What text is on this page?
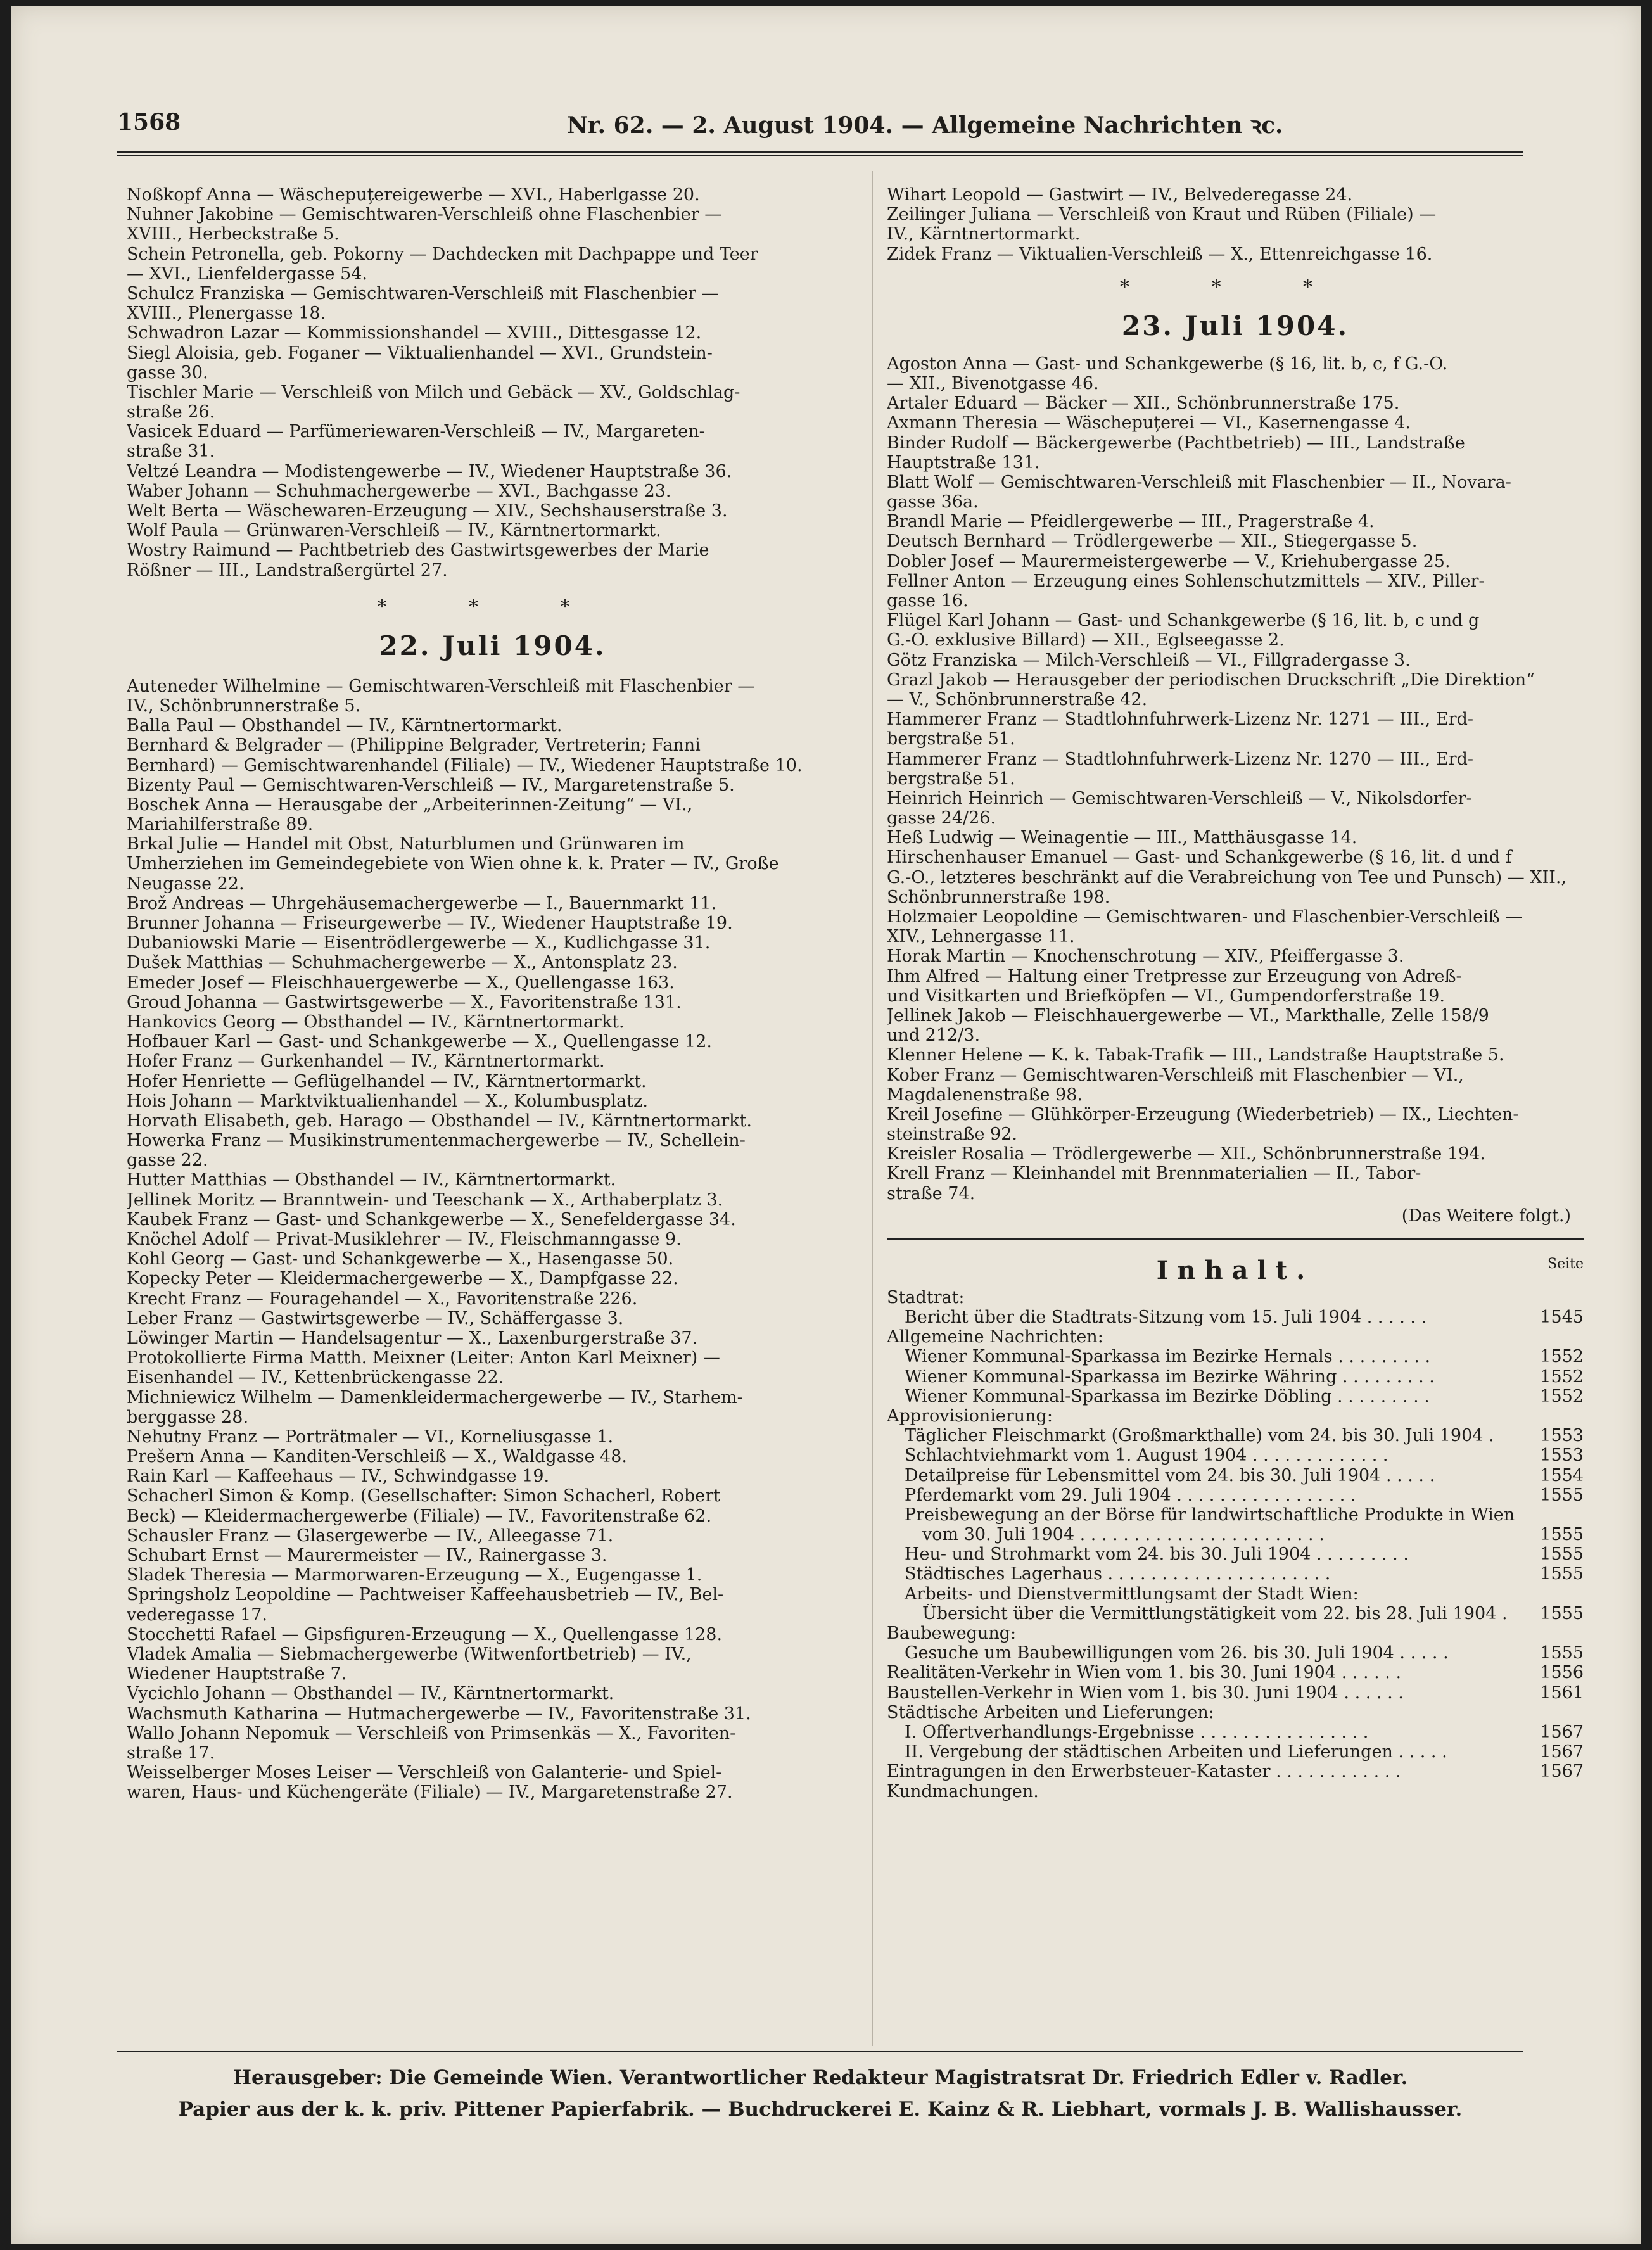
1568	Nr. 62. — 2. August 1904. — Allgemeine Nachrichten ꝛc.
Noßkopf Anna — Wäschepuțereigewerbe — XVI., Haberlgasse 20.
Nuhner Jakobine — Gemischtwaren-Verschleiß ohne Flaschenbier —
XVIII., Herbeckstraße 5.
Schein Petronella, geb. Pokorny — Dachdecken mit Dachpappe und Teer
— XVI., Lienfeldergasse 54.
Schulcz Franziska — Gemischtwaren-Verschleiß mit Flaschenbier —
XVIII., Plenergasse 18.
Schwadron Lazar — Kommissionshandel — XVIII., Dittesgasse 12.
Siegl Aloisia, geb. Foganer — Viktualienhandel — XVI., Grundstein-
gasse 30.
Tischler Marie — Verschleiß von Milch und Gebäck — XV., Goldschlag-
straße 26.
Vasicek Eduard — Parfümeriewaren-Verschleiß — IV., Margareten-
straße 31.
Veltzé Leandra — Modistengewerbe — IV., Wiedener Hauptstraße 36.
Waber Johann — Schuhmachergewerbe — XVI., Bachgasse 23.
Welt Berta — Wäschewaren-Erzeugung — XIV., Sechshauserstraße 3.
Wolf Paula — Grünwaren-Verschleiß — IV., Kärntnertormarkt.
Wostry Raimund — Pachtbetrieb des Gastwirtsgewerbes der Marie
Rößner — III., Landstraßergürtel 27.
* * *
22. Juli 1904.
Auteneder Wilhelmine — Gemischtwaren-Verschleiß mit Flaschenbier —
IV., Schönbrunnerstraße 5.
Balla Paul — Obsthandel — IV., Kärntnertormarkt.
Bernhard & Belgrader — (Philippine Belgrader, Vertreterin; Fanni
Bernhard) — Gemischtwarenhandel (Filiale) — IV., Wiedener Hauptstraße 10.
Bizenty Paul — Gemischtwaren-Verschleiß — IV., Margaretenstraße 5.
Boschek Anna — Herausgabe der „Arbeiterinnen-Zeitung“ — VI.,
Mariahilferstraße 89.
Brkal Julie — Handel mit Obst, Naturblumen und Grünwaren im
Umherziehen im Gemeindegebiete von Wien ohne k. k. Prater — IV., Große
Neugasse 22.
Brož Andreas — Uhrgehäusemachergewerbe — I., Bauernmarkt 11.
Brunner Johanna — Friseurgewerbe — IV., Wiedener Hauptstraße 19.
Dubaniowski Marie — Eisentrödlergewerbe — X., Kudlichgasse 31.
Dušek Matthias — Schuhmachergewerbe — X., Antonsplatz 23.
Emeder Josef — Fleischhauergewerbe — X., Quellengasse 163.
Groud Johanna — Gastwirtsgewerbe — X., Favoritenstraße 131.
Hankovics Georg — Obsthandel — IV., Kärntnertormarkt.
Hofbauer Karl — Gast- und Schankgewerbe — X., Quellengasse 12.
Hofer Franz — Gurkenhandel — IV., Kärntnertormarkt.
Hofer Henriette — Geflügelhandel — IV., Kärntnertormarkt.
Hois Johann — Marktviktualienhandel — X., Kolumbusplatz.
Horvath Elisabeth, geb. Harago — Obsthandel — IV., Kärntnertormarkt.
Howerka Franz — Musikinstrumentenmachergewerbe — IV., Schellein-
gasse 22.
Hutter Matthias — Obsthandel — IV., Kärntnertormarkt.
Jellinek Moritz — Branntwein- und Teeschank — X., Arthaberplatz 3.
Kaubek Franz — Gast- und Schankgewerbe — X., Senefeldergasse 34.
Knöchel Adolf — Privat-Musiklehrer — IV., Fleischmanngasse 9.
Kohl Georg — Gast- und Schankgewerbe — X., Hasengasse 50.
Kopecky Peter — Kleidermachergewerbe — X., Dampfgasse 22.
Krecht Franz — Fouragehandel — X., Favoritenstraße 226.
Leber Franz — Gastwirtsgewerbe — IV., Schäffergasse 3.
Löwinger Martin — Handelsagentur — X., Laxenburgerstraße 37.
Protokollierte Firma Matth. Meixner (Leiter: Anton Karl Meixner) —
Eisenhandel — IV., Kettenbrückengasse 22.
Michniewicz Wilhelm — Damenkleidermachergewerbe — IV., Starhem-
berggasse 28.
Nehutny Franz — Porträtmaler — VI., Korneliusgasse 1.
Prešern Anna — Kanditen-Verschleiß — X., Waldgasse 48.
Rain Karl — Kaffeehaus — IV., Schwindgasse 19.
Schacherl Simon & Komp. (Gesellschafter: Simon Schacherl, Robert
Beck) — Kleidermachergewerbe (Filiale) — IV., Favoritenstraße 62.
Schausler Franz — Glasergewerbe — IV., Alleegasse 71.
Schubart Ernst — Maurermeister — IV., Rainergasse 3.
Sladek Theresia — Marmorwaren-Erzeugung — X., Eugengasse 1.
Springsholz Leopoldine — Pachtweiser Kaffeehausbetrieb — IV., Bel-
vederegasse 17.
Stocchetti Rafael — Gipsfiguren-Erzeugung — X., Quellengasse 128.
Vladek Amalia — Siebmachergewerbe (Witwenfortbetrieb) — IV.,
Wiedener Hauptstraße 7.
Vycichlo Johann — Obsthandel — IV., Kärntnertormarkt.
Wachsmuth Katharina — Hutmachergewerbe — IV., Favoritenstraße 31.
Wallo Johann Nepomuk — Verschleiß von Primsenkäs — X., Favoriten-
straße 17.
Weisselberger Moses Leiser — Verschleiß von Galanterie- und Spiel-
waren, Haus- und Küchengeräte (Filiale) — IV., Margaretenstraße 27.
Wihart Leopold — Gastwirt — IV., Belvederegasse 24.
Zeilinger Juliana — Verschleiß von Kraut und Rüben (Filiale) —
IV., Kärntnertormarkt.
Zidek Franz — Viktualien-Verschleiß — X., Ettenreichgasse 16.
* * *
23. Juli 1904.
Agoston Anna — Gast- und Schankgewerbe (§ 16, lit. b, c, f G.-O.
— XII., Bivenotgasse 46.
Artaler Eduard — Bäcker — XII., Schönbrunnerstraße 175.
Axmann Theresia — Wäschepuțerei — VI., Kasernengasse 4.
Binder Rudolf — Bäckergewerbe (Pachtbetrieb) — III., Landstraße
Hauptstraße 131.
Blatt Wolf — Gemischtwaren-Verschleiß mit Flaschenbier — II., Novara-
gasse 36a.
Brandl Marie — Pfeidlergewerbe — III., Pragerstraße 4.
Deutsch Bernhard — Trödlergewerbe — XII., Stiegergasse 5.
Dobler Josef — Maurermeistergewerbe — V., Kriehubergasse 25.
Fellner Anton — Erzeugung eines Sohlenschutzmittels — XIV., Piller-
gasse 16.
Flügel Karl Johann — Gast- und Schankgewerbe (§ 16, lit. b, c und g
G.-O. exklusive Billard) — XII., Eglseegasse 2.
Götz Franziska — Milch-Verschleiß — VI., Fillgradergasse 3.
Grazl Jakob — Herausgeber der periodischen Druckschrift „Die Direktion“
— V., Schönbrunnerstraße 42.
Hammerer Franz — Stadtlohnfuhrwerk-Lizenz Nr. 1271 — III., Erd-
bergstraße 51.
Hammerer Franz — Stadtlohnfuhrwerk-Lizenz Nr. 1270 — III., Erd-
bergstraße 51.
Heinrich Heinrich — Gemischtwaren-Verschleiß — V., Nikolsdorfer-
gasse 24/26.
Heß Ludwig — Weinagentie — III., Matthäusgasse 14.
Hirschenhauser Emanuel — Gast- und Schankgewerbe (§ 16, lit. d und f
G.-O., letzteres beschränkt auf die Verabreichung von Tee und Punsch) — XII.,
Schönbrunnerstraße 198.
Holzmaier Leopoldine — Gemischtwaren- und Flaschenbier-Verschleiß —
XIV., Lehnergasse 11.
Horak Martin — Knochenschrotung — XIV., Pfeiffergasse 3.
Ihm Alfred — Haltung einer Tretpresse zur Erzeugung von Adreß-
und Visitkarten und Briefköpfen — VI., Gumpendorferstraße 19.
Jellinek Jakob — Fleischhauergewerbe — VI., Markthalle, Zelle 158/9
und 212/3.
Klenner Helene — K. k. Tabak-Trafik — III., Landstraße Hauptstraße 5.
Kober Franz — Gemischtwaren-Verschleiß mit Flaschenbier — VI.,
Magdalenenstraße 98.
Kreil Josefine — Glühkörper-Erzeugung (Wiederbetrieb) — IX., Liechten-
steinstraße 92.
Kreisler Rosalia — Trödlergewerbe — XII., Schönbrunnerstraße 194.
Krell Franz — Kleinhandel mit Brennmaterialien — II., Tabor-
straße 74.
(Das Weitere folgt.)
Inhalt.	Seite
Stadtrat:
Bericht über die Stadtrats-Sitzung vom 15. Juli 1904 . . . . . .	1545
Allgemeine Nachrichten:
Wiener Kommunal-Sparkassa im Bezirke Hernals . . . . . . . . .	1552
Wiener Kommunal-Sparkassa im Bezirke Währing . . . . . . . . .	1552
Wiener Kommunal-Sparkassa im Bezirke Döbling . . . . . . . . .	1552
Approvisionierung:
Täglicher Fleischmarkt (Großmarkthalle) vom 24. bis 30. Juli 1904 .	1553
Schlachtviehmarkt vom 1. August 1904 . . . . . . . . . . . . .	1553
Detailpreise für Lebensmittel vom 24. bis 30. Juli 1904 . . . . .	1554
Pferdemarkt vom 29. Juli 1904 . . . . . . . . . . . . . . . . .	1555
Preisbewegung an der Börse für landwirtschaftliche Produkte in Wien
vom 30. Juli 1904 . . . . . . . . . . . . . . . . . . . . . . .	1555
Heu- und Strohmarkt vom 24. bis 30. Juli 1904 . . . . . . . . .	1555
Städtisches Lagerhaus . . . . . . . . . . . . . . . . . . . . .	1555
Arbeits- und Dienstvermittlungsamt der Stadt Wien:
Übersicht über die Vermittlungstätigkeit vom 22. bis 28. Juli 1904 .	1555
Baubewegung:
Gesuche um Baubewilligungen vom 26. bis 30. Juli 1904 . . . . .	1555
Realitäten-Verkehr in Wien vom 1. bis 30. Juni 1904 . . . . . .	1556
Baustellen-Verkehr in Wien vom 1. bis 30. Juni 1904 . . . . . .	1561
Städtische Arbeiten und Lieferungen:
I. Offertverhandlungs-Ergebnisse . . . . . . . . . . . . . . . .	1567
II. Vergebung der städtischen Arbeiten und Lieferungen . . . . .	1567
Eintragungen in den Erwerbsteuer-Kataster . . . . . . . . . . . .	1567
Kundmachungen.
Herausgeber: Die Gemeinde Wien. Verantwortlicher Redakteur Magistratsrat Dr. Friedrich Edler v. Radler.
Papier aus der k. k. priv. Pittener Papierfabrik. — Buchdruckerei E. Kainz & R. Liebhart, vormals J. B. Wallishausser.
